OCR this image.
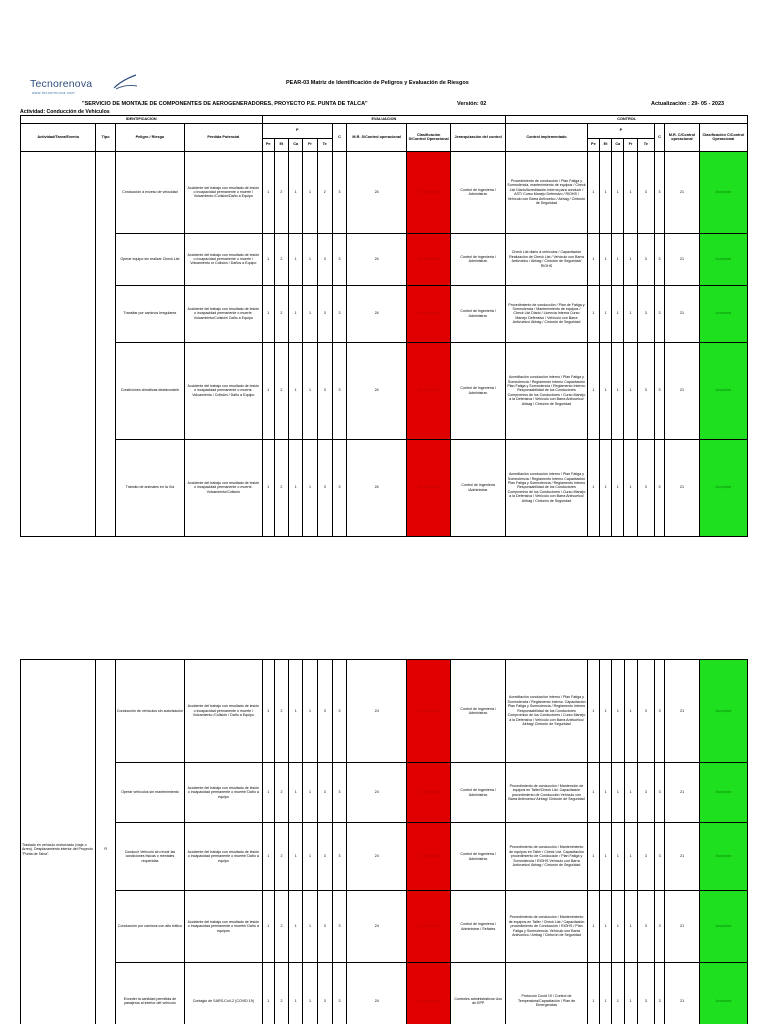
Tecnorenova
www.tecnorenova.com
PEAR-03 Matriz de Identificación de Peligros y Evaluación de Riesgos
"SERVICIO DE MONTAJE DE COMPONENTES DE AEROGENERADORES, PROYECTO P.E. PUNTA DE TALCA"	Versión: 02	Actualización : 29- 05 - 2023
Actividad: Conducción de Vehículos
IDENTIFICACION				EVALUACION									CONTROL								
Actividad/Tarea/Evento	Tipo	Peligro / Riesgo	Perdida Potencial	P					C	M.R. S/Control operacional	Clasificación S/Control Operacional	Jerarquización del control	Control implementado	P					C	M.R. C/Control operacional	Clasificación C/Control Operacional
				Pe	Et	Ca	Fr	Te						Pe	Et	Ca	Fr	Te			
		Conducción a exceso de velocidad	Accidente del trabajo con resultado de lesión o incapacidad permanente o muerte / Volcamiento /Colisión/Daño a Equipo	1	2	1	1	2	3	24	No Aceptable	Control de Ingeniería / Administrar.	Procedimiento de conducción / Plan Fatiga y Somnolencia, mantenimiento de equipos / Check List Diario/Acreditación Interna para conducir / AST/ Curso Manejo Defensivo / RIOHS / Vehículo con Barra Antivuelco / Airbag / Cinturón de Seguridad	1	1	1	1	3	3	21	Aceptable
		Operar equipo sin realizar Check List	Accidente del trabajo con resultado de lesión o incapacidad permanente o muerte / Volcamiento or Colisión / Daños a Equipo	1	2	1	1	3	3	24	No Aceptable	Control de Ingeniería / Administrar.	Check List diario a vehículos / Capacitación Realización de Check List / Vehículo con Barra Antivuelco / Airbag / Cinturón de Seguridad/ RIOHS	1	1	1	1	3	3	21	Aceptable
		Transitar por caminos Irregulares	Accidente del trabajo con resultado de lesión o incapacidad permanente o muerte. Volcamiento/Colisión/ Daño a Equipo	1	2	1	1	3	3	24	No Aceptable	Control de Ingeniería / Administrar.	Procedimiento de conducción / Plan de Fatiga y Somnolencia / Mantenimiento de equipos / Check List Diario / Licencia Interna Curso Manejo Defensivo / Vehículo con Barra Antivuelco/ Airbag / Cinturón de Seguridad	1	1	1	1	3	3	21	Aceptable
		Condiciones climáticas desfavorable	Accidente del trabajo con resultado de lesión o incapacidad permanente o muerte. Volcamiento / Colisión / Daño a Equipo	1	2	1	1	3	3	24	No Aceptable	Control de Ingeniería / Administrar.	Acreditación conducción interno / Plan Fatiga y Somnolencia / Reglamento Interno Capacitación Plan Fatiga y Somnolencia / Reglamento Interno: Responsabilidad de los Conductores Compromiso de los Conductores / Curso Manejo a la Defensiva / Vehículo con Barra Antivuelco/ Airbag / Cinturón de Seguridad	1	1	1	1	3	3	21	Aceptable
		Tránsito de animales en la Vía	Accidente del trabajo con resultado de lesión o incapacidad permanente o muerte. Volcamiento/Colisión	1	2	1	1	3	3	24	No Aceptable	Control de Ingeniería /Administrar.	Acreditación conducción interno / Plan Fatiga y Somnolencia / Reglamento Interno Capacitación Plan Fatiga y Somnolencia / Reglamento Interno Responsabilidad de los Conductores Compromiso de los Conductores / Curso Manejo a la Defensiva / Vehículo con Barra Antivuelco/ Airbag / Cinturón de Seguridad	1	1	1	1	3	3	21	Aceptable
Traslado en vehículo motorizado (viaje o Arreo). Desplazamiento interior del Proyecto "Punta de Talca".	R	Conducción de vehículos sin autorización	Accidente del trabajo con resultado de lesión o incapacidad permanente o muerte / Volcamiento /Colisión / Daño a Equipo	1	2	1	1	3	3	24	No Aceptable	Control de Ingeniería / Administrar.	Acreditación conducción interno / Plan Fatiga y Somnolencia / Reglamento Interno. Capacitación Plan Fatiga y Somnolencia / Reglamento Interno Responsabilidad de los Conductores Compromiso de los Conductores / Curso Manejo a la Defensiva / Vehículo con Barra Antivuelco/ Airbag/ Cinturón de Seguridad	1	1	1	1	3	3	21	Aceptable
		Operar vehículos sin mantenimiento	Accidente del trabajo con resultado de lesión o incapacidad permanente o muerte/ Daño a equipo	1	2	1	1	3	3	24	No Aceptable	Control de Ingeniería / Administrar.	Procedimiento de conducción / Mantención de equipos en Taller/Check List. Capacitación procedimiento de Conducción Vehículo con Barra Antivuelco/ Airbag/ Cinturón de Seguridad	1	1	1	1	3	3	21	Aceptable
		Conducir Vehículo sin reunir las condiciones físicas o mentales requeridas	Accidente del trabajo con resultado de lesión o incapacidad permanente o muerte/ Daño a equipo	1	2	1	1	3	3	24	No Aceptable	Control de Ingeniería / Administrar.	Procedimiento de conducción / Mantenimiento de equipos en Taller / Check List. Capacitación procedimiento de Conducción / Plan Fatiga y Somnolencia / RIOHS Vehículo con Barra Antivuelco/ Airbag / Cinturón de Seguridad	1	1	1	1	3	3	21	Aceptable
		Conducción por caminos con alto tráfico	Accidente del trabajo con resultado de lesión o incapacidad permanente o muerte/ Daño a equipos	1	2	1	1	3	3	24	No Aceptable	Control de Ingeniería / Administrar / Señales	Procedimiento de conducción / Mantenimiento de equipos en Taller / Check List / Capacitación procedimiento de Conducción / RIOHS / Plan Fatiga y Somnolencia. Vehículo con Barra Antivuelco / Airbag / Cinturón de Seguridad	1	1	1	1	3	3	21	Aceptable
		Exceder la cantidad permitida de pasajeros al interior del vehículo	Contagio de SARS-CoV-2 (COVID 19)	1	2	1	1	3	3	24	No Aceptable	Controles administrativos Uso de EPP	Protocolo Covid 19 / Control de Temperatura/Capacitación / Plan de Emergencias	1	1	1	1	3	3	21	Aceptable
